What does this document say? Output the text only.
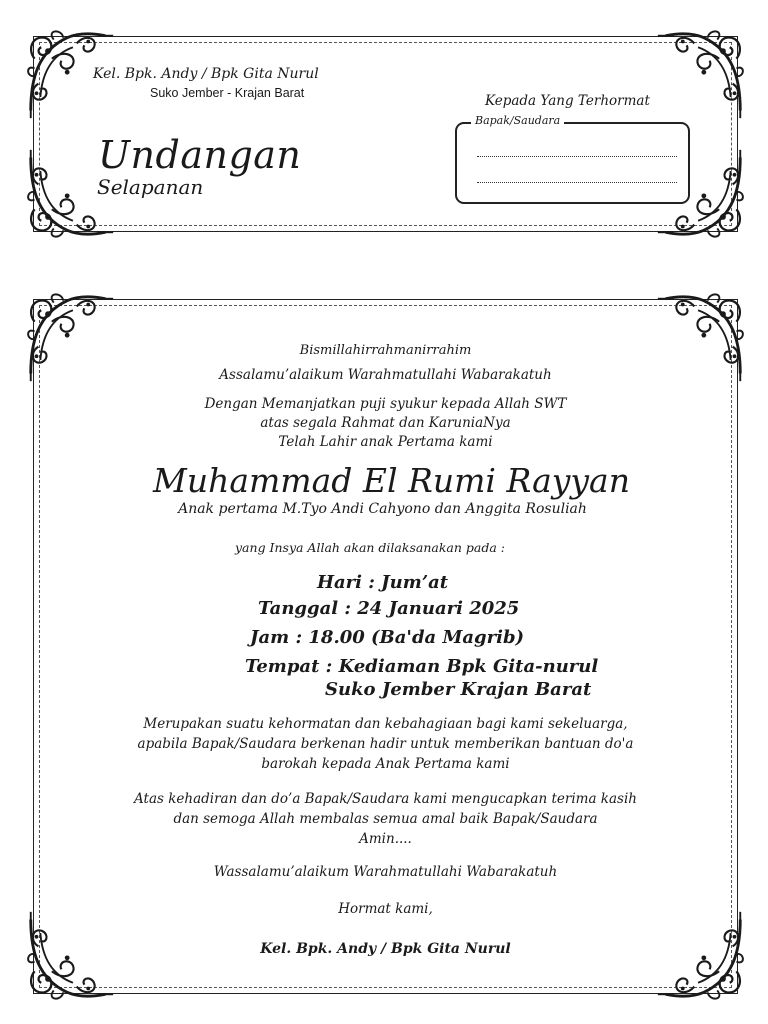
Kel. Bpk. Andy / Bpk Gita Nurul
Suko Jember - Krajan Barat
Undangan
Selapanan
Kepada Yang Terhormat
Bapak/Saudara
Bismillahirrahmanirrahim
Assalamu’alaikum Warahmatullahi Wabarakatuh
Dengan Memanjatkan puji syukur kepada Allah SWT
atas segala Rahmat dan KaruniaNya
Telah Lahir anak Pertama kami
Muhammad El Rumi Rayyan
Anak pertama M.Tyo Andi Cahyono dan Anggita Rosuliah
yang Insya Allah akan dilaksanakan pada :
Hari : Jum’at
Tanggal : 24 Januari 2025
Jam : 18.00 (Ba'da Magrib)
Tempat : Kediaman Bpk Gita-nurul
Suko Jember Krajan Barat
Merupakan suatu kehormatan dan kebahagiaan bagi kami sekeluarga,
apabila Bapak/Saudara berkenan hadir untuk memberikan bantuan do'a
barokah kepada Anak Pertama kami
Atas kehadiran dan do’a Bapak/Saudara kami mengucapkan terima kasih
dan semoga Allah membalas semua amal baik Bapak/Saudara
Amin....
Wassalamu’alaikum Warahmatullahi Wabarakatuh
Hormat kami,
Kel. Bpk. Andy / Bpk Gita Nurul
